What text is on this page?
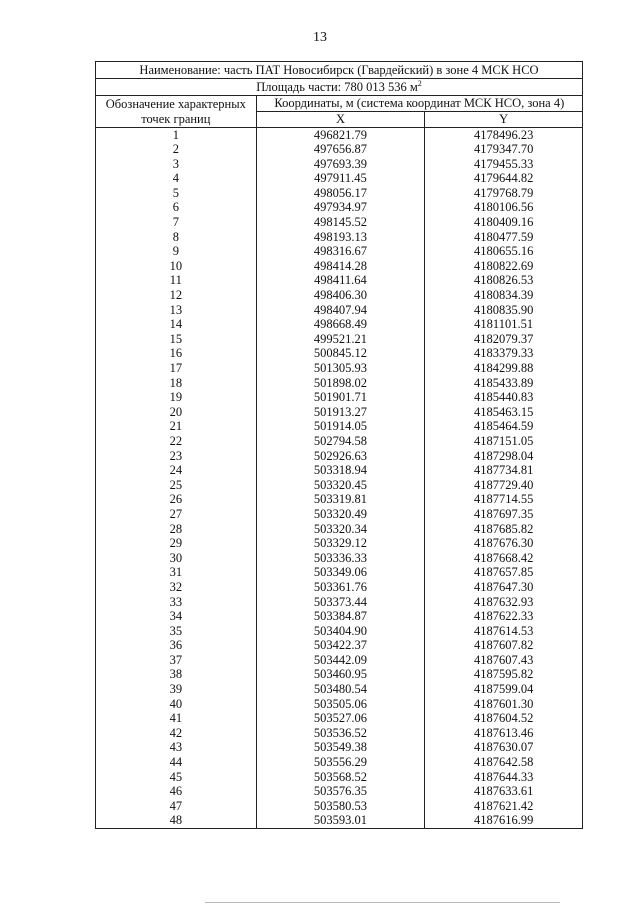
13
Наименование: часть ПАТ Новосибирск (Гвардейский) в зоне 4 МСК НСО		
Площадь части: 780 013 536 $м^2$
Обозначение характерных	Координаты, м (система координат МСК НСО, зона 4)	
точек границ	X	Y
1	496821.79	4178496.23
2	497656.87	4179347.70
3	497693.39	4179455.33
4	497911.45	4179644.82
5	498056.17	4179768.79
6	497934.97	4180106.56
7	498145.52	4180409.16
8	498193.13	4180477.59
9	498316.67	4180655.16
10	498414.28	4180822.69
11	498411.64	4180826.53
12	498406.30	4180834.39
13	498407.94	4180835.90
14	498668.49	4181101.51
15	499521.21	4182079.37
16	500845.12	4183379.33
17	501305.93	4184299.88
18	501898.02	4185433.89
19	501901.71	4185440.83
20	501913.27	4185463.15
21	501914.05	4185464.59
22	502794.58	4187151.05
23	502926.63	4187298.04
24	503318.94	4187734.81
25	503320.45	4187729.40
26	503319.81	4187714.55
27	503320.49	4187697.35
28	503320.34	4187685.82
29	503329.12	4187676.30
30	503336.33	4187668.42
31	503349.06	4187657.85
32	503361.76	4187647.30
33	503373.44	4187632.93
34	503384.87	4187622.33
35	503404.90	4187614.53
36	503422.37	4187607.82
37	503442.09	4187607.43
38	503460.95	4187595.82
39	503480.54	4187599.04
40	503505.06	4187601.30
41	503527.06	4187604.52
42	503536.52	4187613.46
43	503549.38	4187630.07
44	503556.29	4187642.58
45	503568.52	4187644.33
46	503576.35	4187633.61
47	503580.53	4187621.42
48	503593.01	4187616.99
